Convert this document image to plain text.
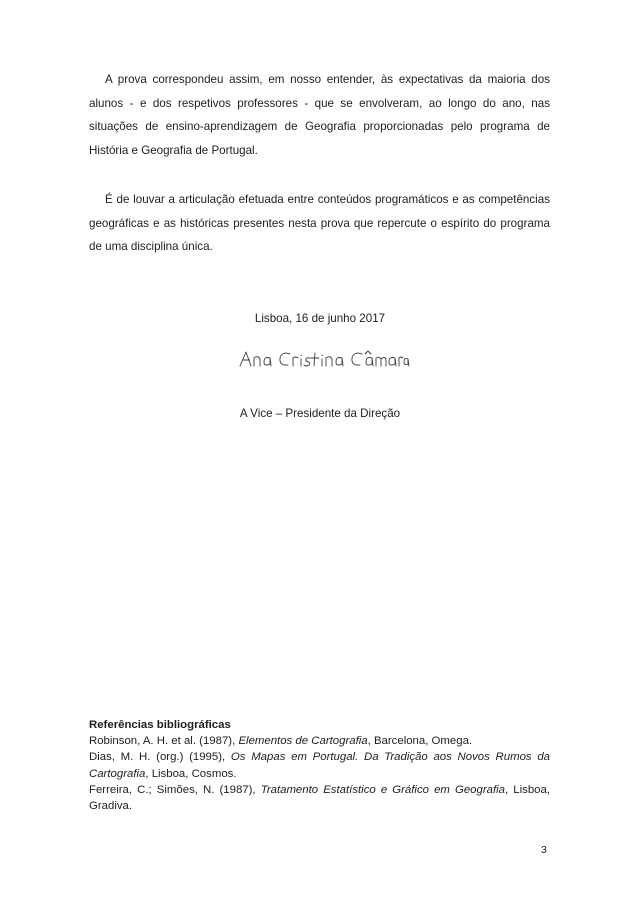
A prova correspondeu assim, em nosso entender, às expectativas da maioria dos alunos - e dos respetivos professores - que se envolveram, ao longo do ano, nas situações de ensino-aprendizagem de Geografia proporcionadas pelo programa de História e Geografia de Portugal.

É de louvar a articulação efetuada entre conteúdos programáticos e as competências geográficas e as históricas presentes nesta prova que repercute o espírito do programa de uma disciplina única.

Lisboa, 16 de junho 2017

A Vice – Presidente da Direção

Referências bibliográficas
Robinson, A. H. et al. (1987), Elementos de Cartografia, Barcelona, Omega.
Dias, M. H. (org.) (1995), Os Mapas em Portugal. Da Tradição aos Novos Rumos da Cartografia, Lisboa, Cosmos.
Ferreira, C.; Simões, N. (1987), Tratamento Estatístico e Gráfico em Geografia, Lisboa, Gradiva.
3
